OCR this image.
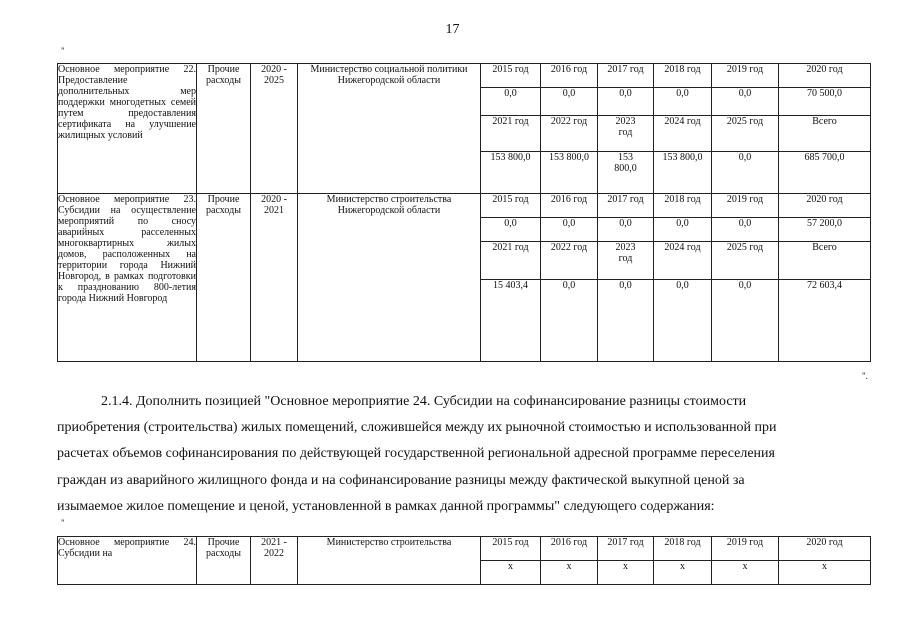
17
"
Основное мероприятие 22. Предоставление дополнительных мер поддержки многодетных семей путем предоставления сертификата на улучшение жилищных условий	Прочие расходы	2020 - 2025	Министерство социальной политики Нижегородской области	2015 год	2016 год	2017 год	2018 год	2019 год	2020 год
				0,0	0,0	0,0	0,0	0,0	70 500,0
				2021 год	2022 год	2023 год	2024 год	2025 год	Всего
				153 800,0	153 800,0	153 800,0	153 800,0	0,0	685 700,0
Основное мероприятие 23. Субсидии на осуществление мероприятий по сносу аварийных расселенных многоквартирных жилых домов, расположенных на территории города Нижний Новгород, в рамках подготовки к празднованию 800-летия города Нижний Новгород	Прочие расходы	2020 - 2021	Министерство строительства Нижегородской области	2015 год	2016 год	2017 год	2018 год	2019 год	2020 год
				0,0	0,0	0,0	0,0	0,0	57 200,0
				2021 год	2022 год	2023 год	2024 год	2025 год	Всего
				15 403,4	0,0	0,0	0,0	0,0	72 603,4
".
2.1.4. Дополнить позицией "Основное мероприятие 24. Субсидии на софинансирование разницы стоимости
приобретения (строительства) жилых помещений, сложившейся между их рыночной стоимостью и использованной при
расчетах объемов софинансирования по действующей государственной региональной адресной программе переселения
граждан из аварийного жилищного фонда и на софинансирование разницы между фактической выкупной ценой за
изымаемое жилое помещение и ценой, установленной в рамках данной программы" следующего содержания:
"
Основное мероприятие 24. Субсидии на	Прочие расходы	2021 - 2022	Министерство строительства	2015 год	2016 год	2017 год	2018 год	2019 год	2020 год
				x	x	x	x	x	x
